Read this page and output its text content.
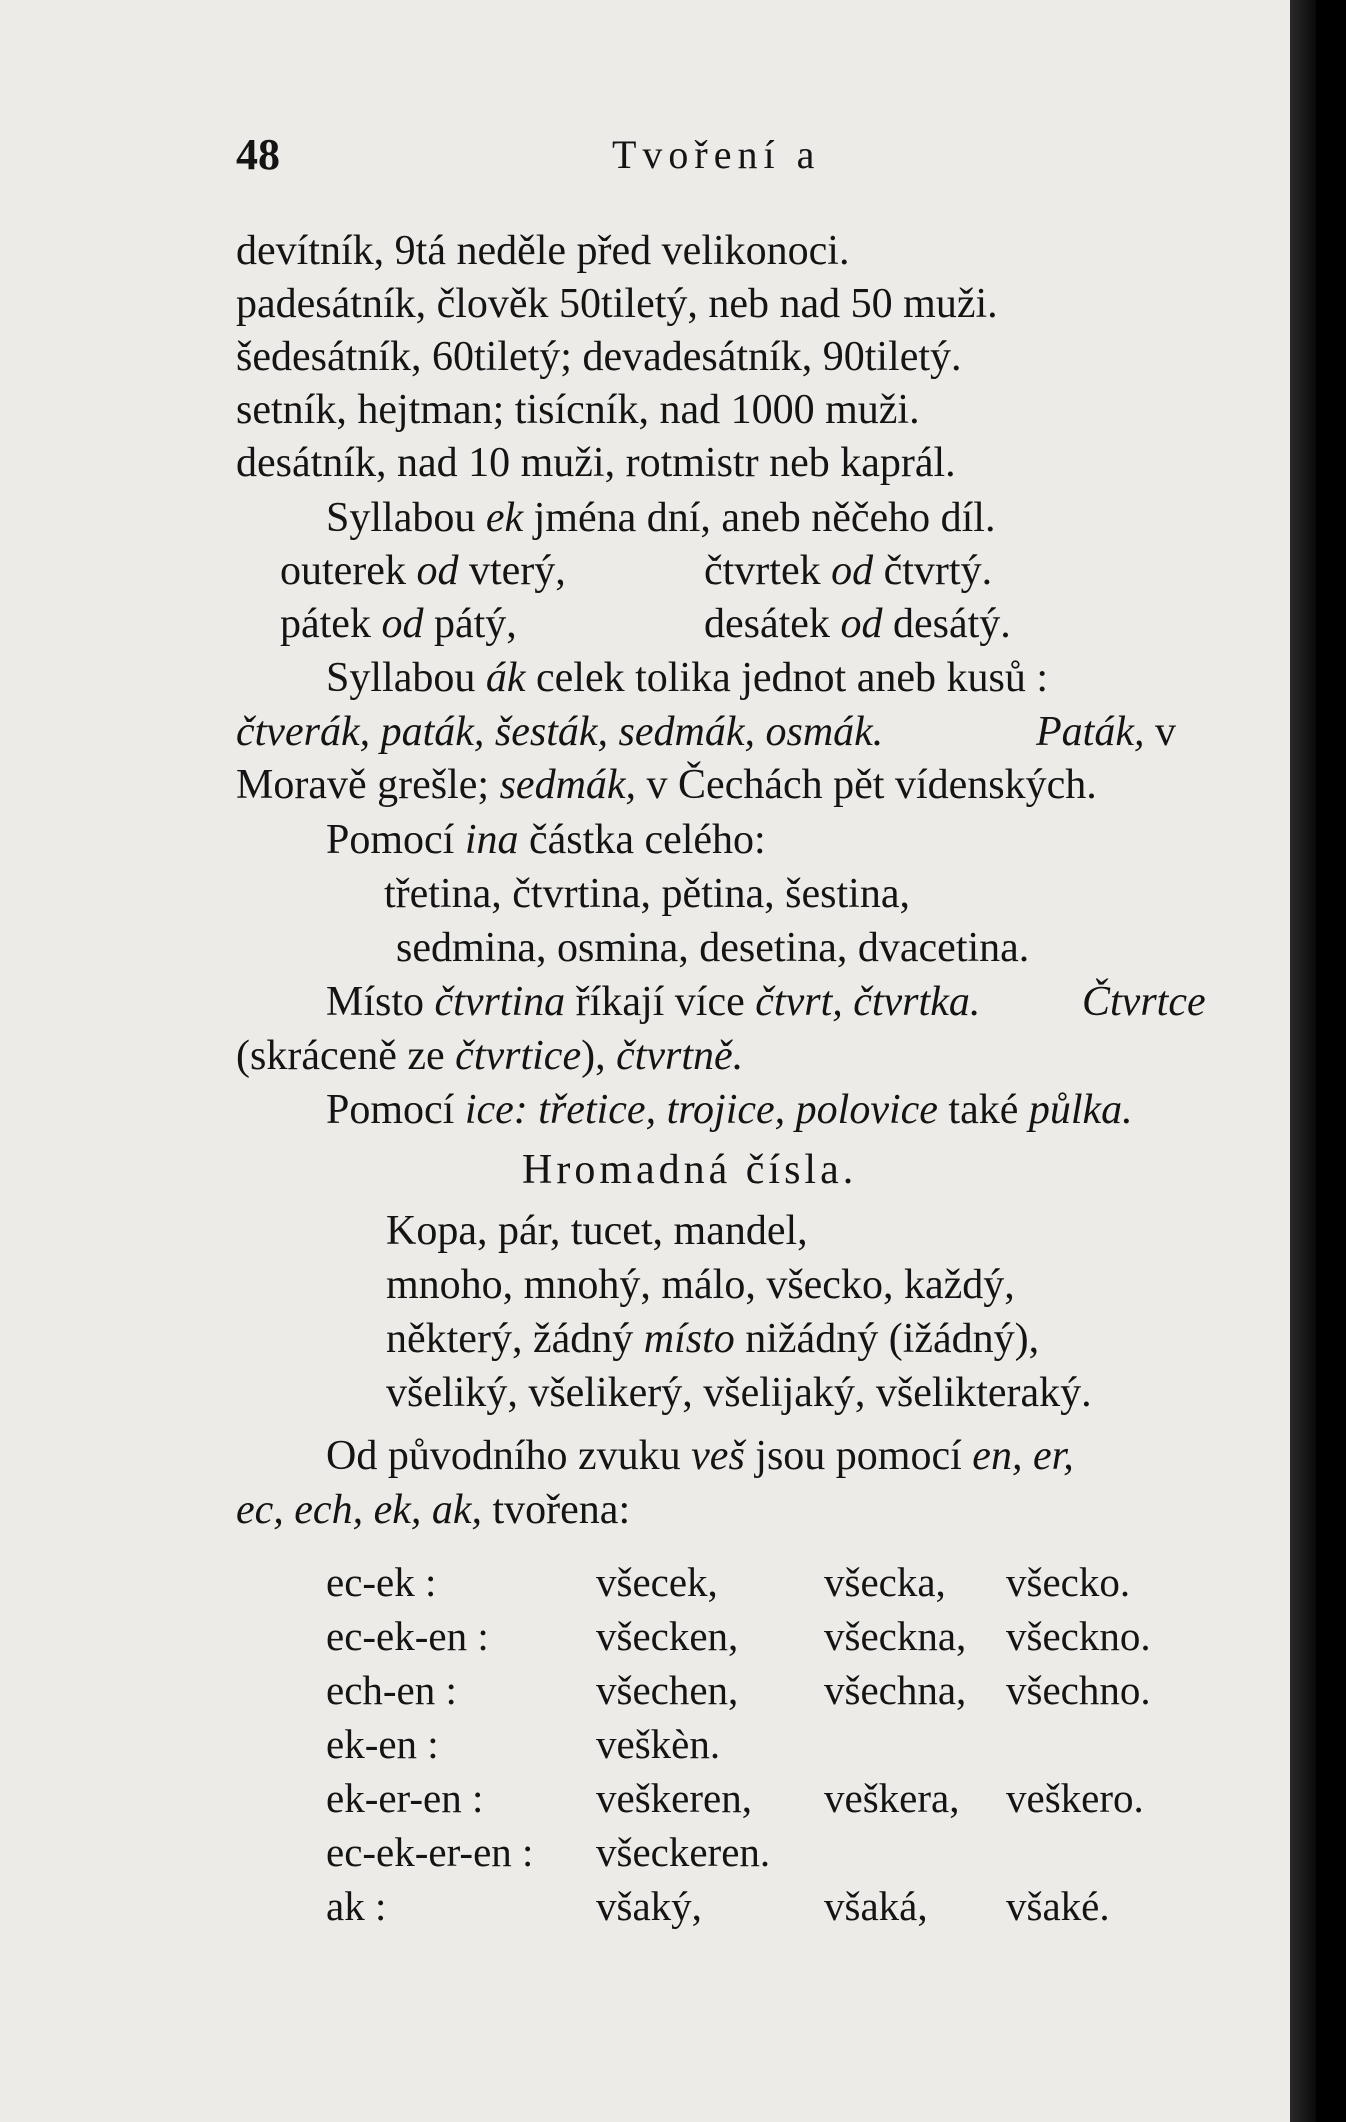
48	Tvoření a
devítník, 9tá neděle před velikonoci.
padesátník, člověk 50tiletý, neb nad 50 muži.
šedesátník, 60tiletý; devadesátník, 90tiletý.
setník, hejtman; tisícník, nad 1000 muži.
desátník, nad 10 muži, rotmistr neb kaprál.
Syllabou ek jména dní, aneb něčeho díl.
outerek od vterý,	čtvrtek od čtvrtý.
pátek od pátý,	desátek od desátý.
Syllabou ák celek tolika jednot aneb kusů :
čtverák, paták, šesták, sedmák, osmák.	Paták, v
Moravě grešle; sedmák, v Čechách pět vídenských.
Pomocí ina částka celého:
třetina, čtvrtina, pětina, šestina,
sedmina, osmina, desetina, dvacetina.
Místo čtvrtina říkají více čtvrt, čtvrtka. Čtvrtce
(skráceně ze čtvrtice), čtvrtně.
Pomocí ice: třetice, trojice, polovice také půlka.
Hromadná čísla.
Kopa, pár, tucet, mandel,
mnoho, mnohý, málo, všecko, každý,
některý, žádný místo nižádný (ižádný),
všeliký, všelikerý, všelijaký, všelikteraký.
Od původního zvuku veš jsou pomocí en, er,
ec, ech, ek, ak, tvořena:
ec-ek :	všecek,	všecka, všecko.
ec-ek-en :	všecken, všeckna, všeckno.
ech-en :	všechen, všechna, všechno.
ek-en :	veškèn.
ek-er-en :	veškeren, veškera, veškero.
ec-ek-er-en : všeckeren.
ak :	všaký,	všaká, všaké.
